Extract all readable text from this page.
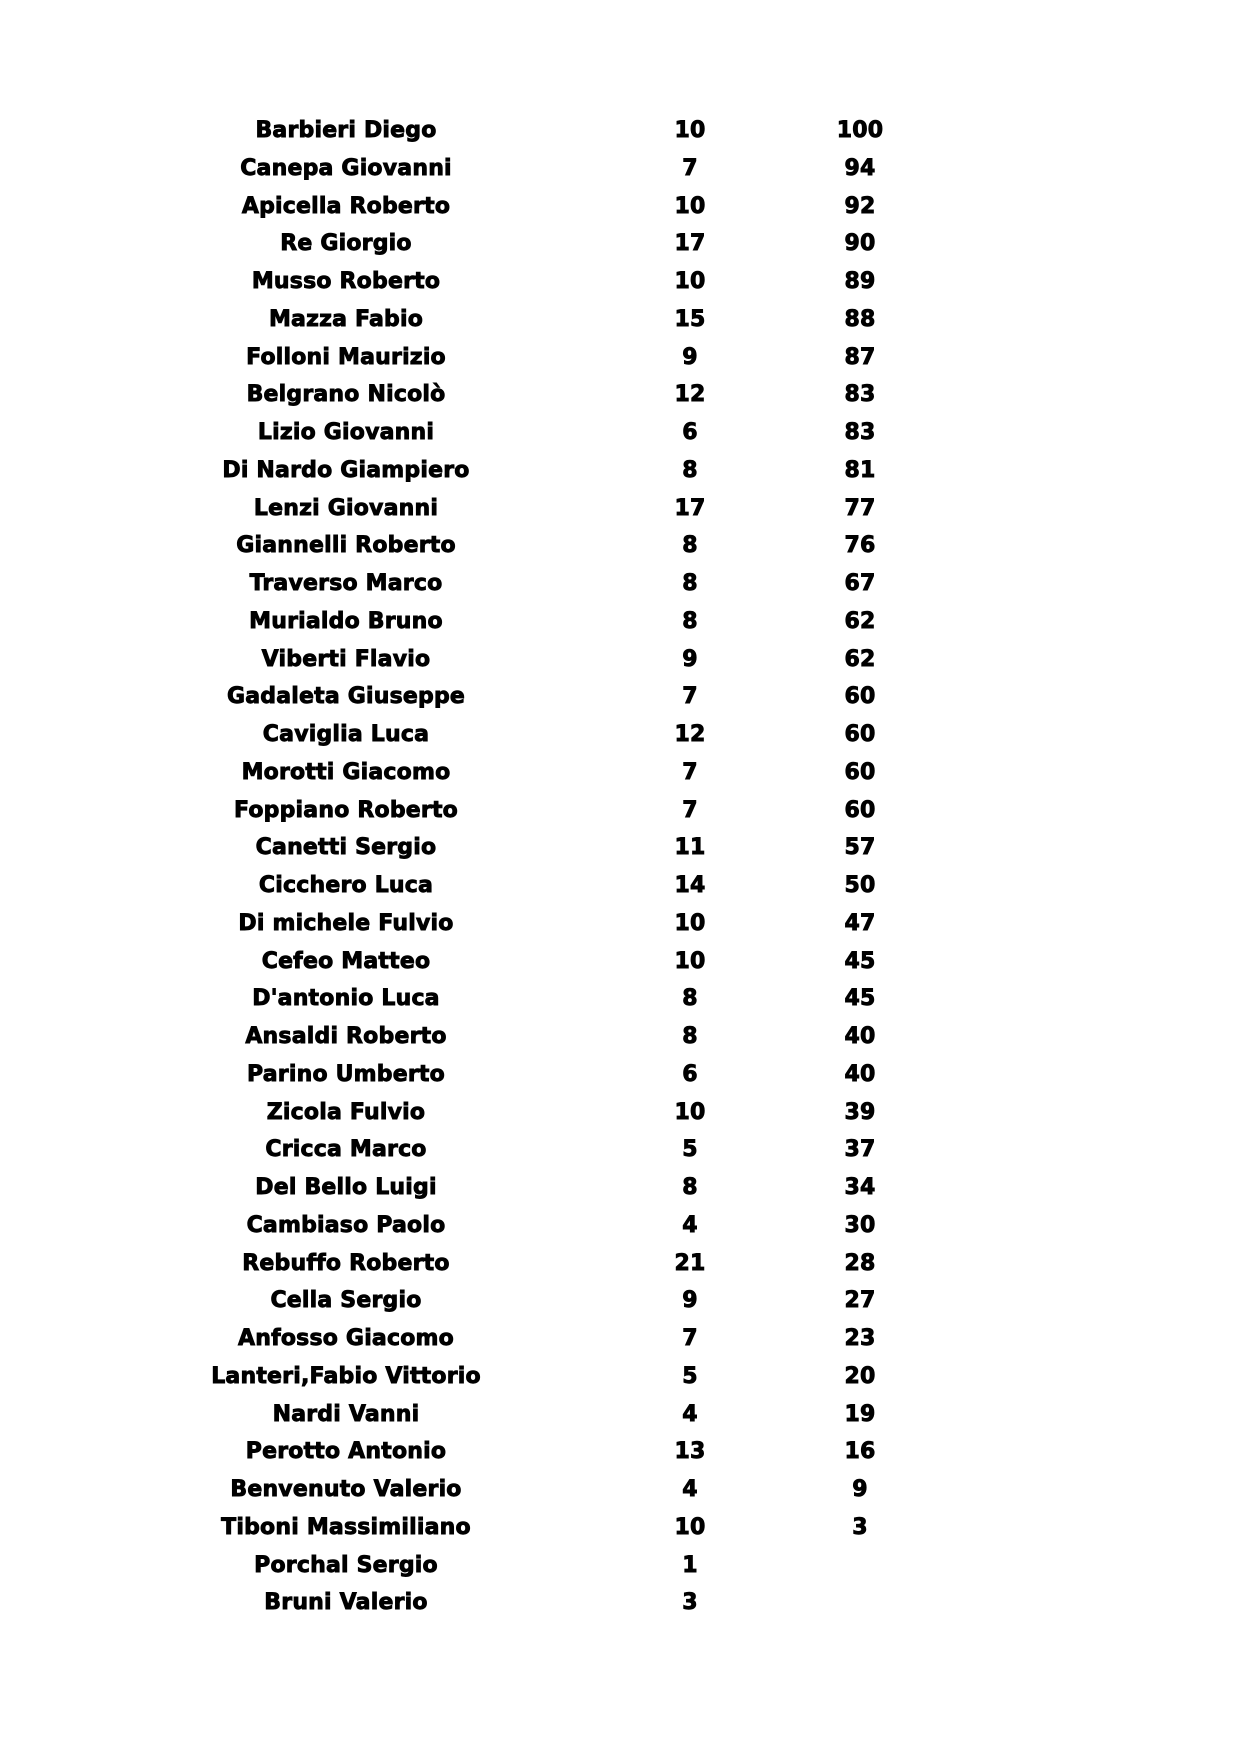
Barbieri Diego	10	100
Canepa Giovanni	7	94
Apicella Roberto	10	92
Re Giorgio	17	90
Musso Roberto	10	89
Mazza Fabio	15	88
Folloni Maurizio	9	87
Belgrano Nicolò	12	83
Lizio Giovanni	6	83
Di Nardo Giampiero	8	81
Lenzi Giovanni	17	77
Giannelli Roberto	8	76
Traverso Marco	8	67
Murialdo Bruno	8	62
Viberti Flavio	9	62
Gadaleta Giuseppe	7	60
Caviglia Luca	12	60
Morotti Giacomo	7	60
Foppiano Roberto	7	60
Canetti Sergio	11	57
Cicchero Luca	14	50
Di michele Fulvio	10	47
Cefeo Matteo	10	45
D'antonio Luca	8	45
Ansaldi Roberto	8	40
Parino Umberto	6	40
Zicola Fulvio	10	39
Cricca Marco	5	37
Del Bello Luigi	8	34
Cambiaso Paolo	4	30
Rebuffo Roberto	21	28
Cella Sergio	9	27
Anfosso Giacomo	7	23
Lanteri,Fabio Vittorio	5	20
Nardi Vanni	4	19
Perotto Antonio	13	16
Benvenuto Valerio	4	9
Tiboni Massimiliano	10	3
Porchal Sergio	1
Bruni Valerio	3
